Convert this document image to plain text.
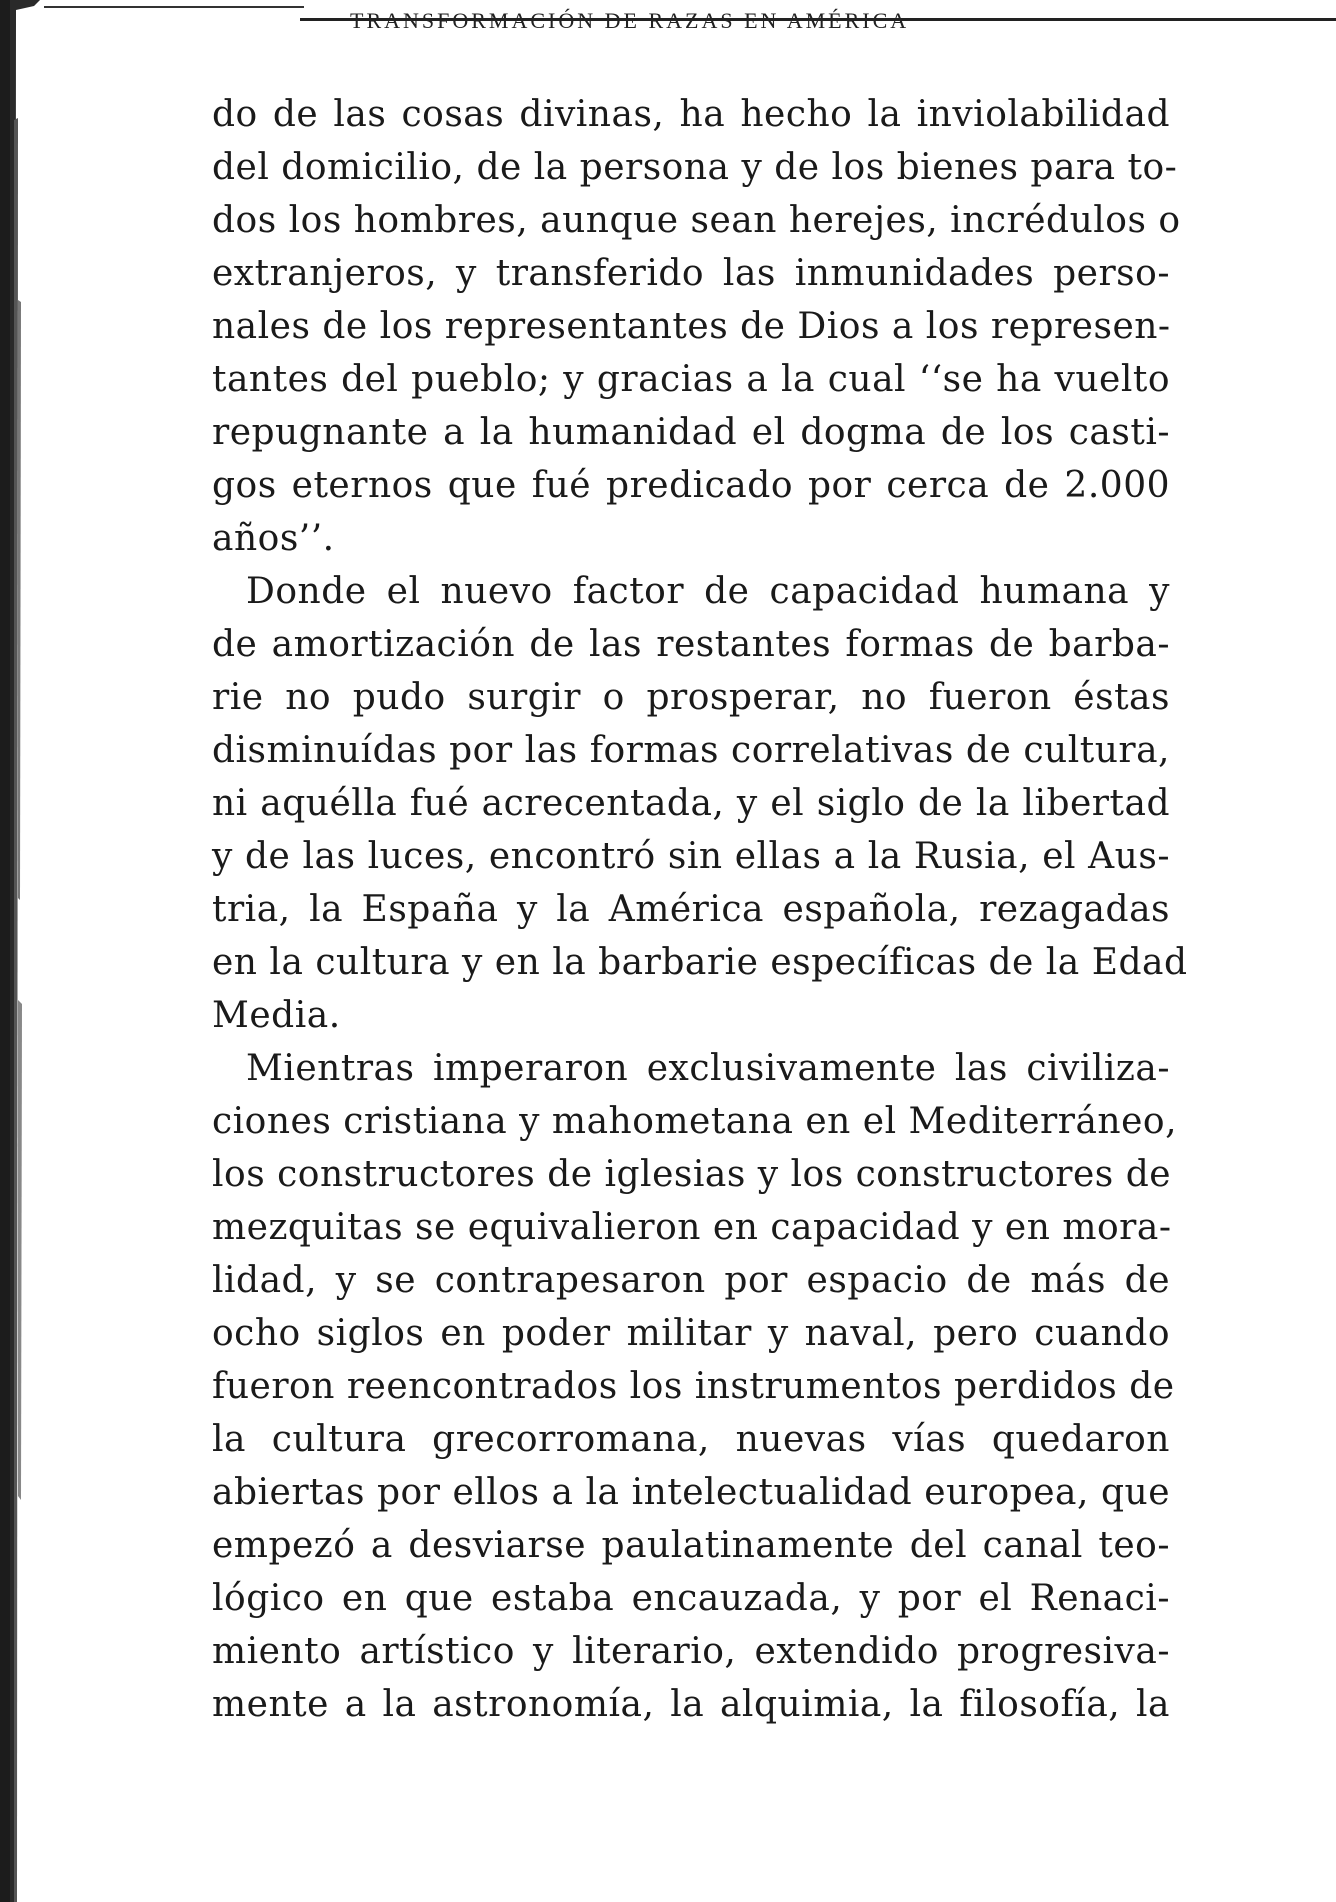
TRANSFORMACIÓN DE RAZAS EN AMÉRICA
do de las cosas divinas, ha hecho la inviolabilidad
del domicilio, de la persona y de los bienes para to-
dos los hombres, aunque sean herejes, incrédulos o
extranjeros, y transferido las inmunidades perso-
nales de los representantes de Dios a los represen-
tantes del pueblo; y gracias a la cual ‘‘se ha vuelto
repugnante a la humanidad el dogma de los casti-
gos eternos que fué predicado por cerca de 2.000
años’’.
Donde el nuevo factor de capacidad humana y
de amortización de las restantes formas de barba-
rie no pudo surgir o prosperar, no fueron éstas
disminuídas por las formas correlativas de cultura,
ni aquélla fué acrecentada, y el siglo de la libertad
y de las luces, encontró sin ellas a la Rusia, el Aus-
tria, la España y la América española, rezagadas
en la cultura y en la barbarie específicas de la Edad
Media.
Mientras imperaron exclusivamente las civiliza-
ciones cristiana y mahometana en el Mediterráneo,
los constructores de iglesias y los constructores de
mezquitas se equivalieron en capacidad y en mora-
lidad, y se contrapesaron por espacio de más de
ocho siglos en poder militar y naval, pero cuando
fueron reencontrados los instrumentos perdidos de
la cultura grecorromana, nuevas vías quedaron
abiertas por ellos a la intelectualidad europea, que
empezó a desviarse paulatinamente del canal teo-
lógico en que estaba encauzada, y por el Renaci-
miento artístico y literario, extendido progresiva-
mente a la astronomía, la alquimia, la filosofía, la
